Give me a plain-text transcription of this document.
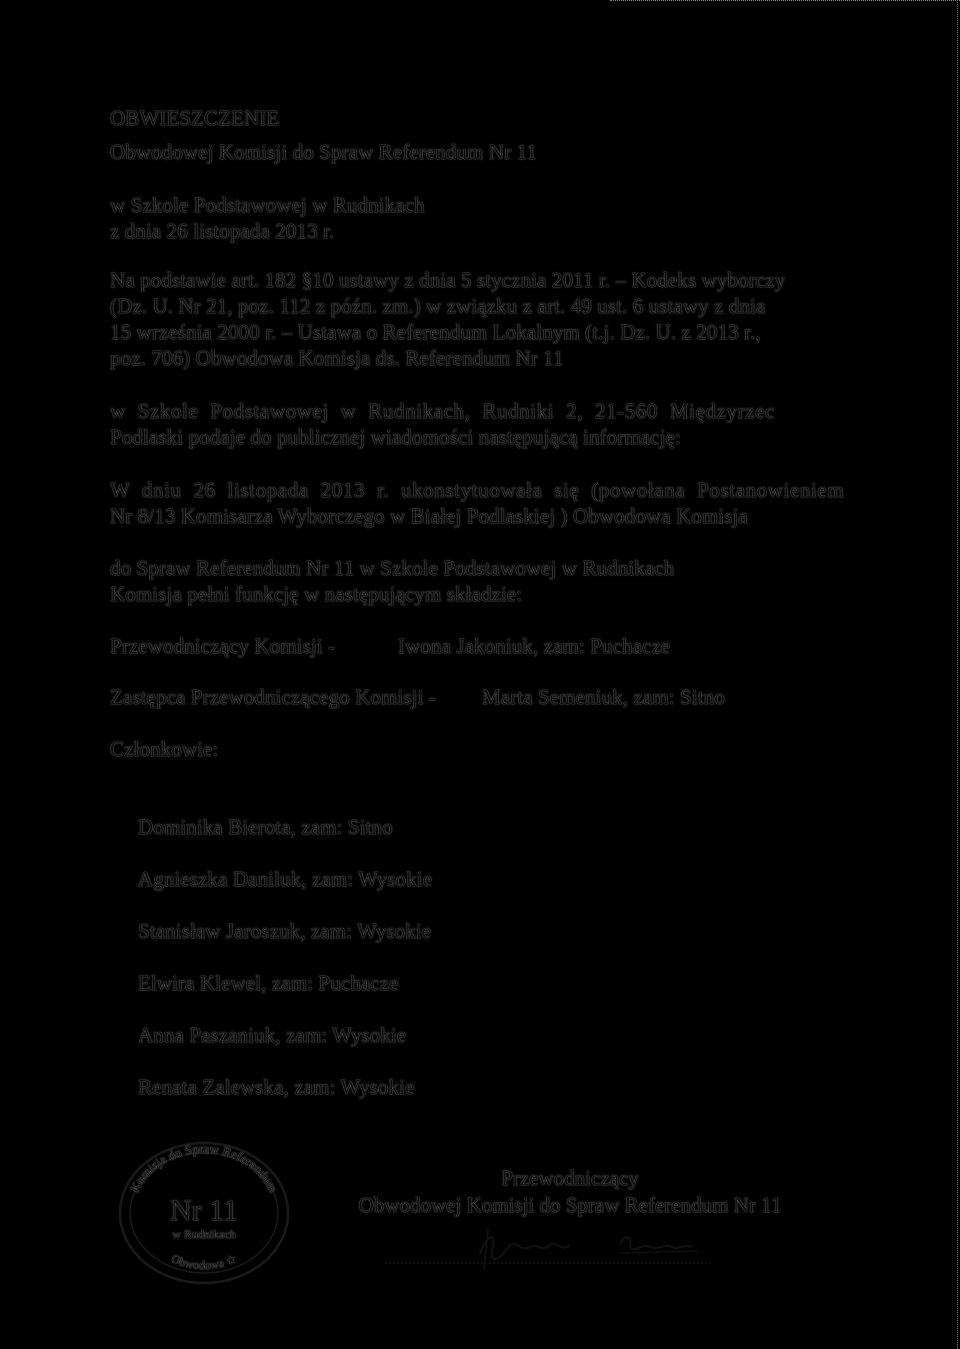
OBWIESZCZENIE
Obwodowej Komisji do Spraw Referendum Nr 11
w Szkole Podstawowej w Rudnikach
z dnia 26 listopada 2013 r.
Na podstawie art. 182 §10 ustawy z dnia 5 stycznia 2011 r. – Kodeks wyborczy
(Dz. U. Nr 21, poz. 112 z późn. zm.) w związku z art. 49 ust. 6 ustawy z dnia
15 września 2000 r. – Ustawa o Referendum Lokalnym (t.j. Dz. U. z 2013 r.,
poz. 706) Obwodowa Komisja ds. Referendum Nr 11
w Szkole Podstawowej w Rudnikach, Rudniki 2, 21-560 Międzyrzec
Podlaski podaje do publicznej wiadomości następującą informację:
W dniu 26 listopada 2013 r. ukonstytuowała się (powołana Postanowieniem
Nr 8/13 Komisarza Wyborczego w Białej Podlaskiej ) Obwodowa Komisja
do Spraw Referendum Nr 11 w Szkole Podstawowej w Rudnikach
Komisja pełni funkcję w następującym składzie:
Przewodniczący Komisji -	Iwona Jakoniuk, zam: Puchacze
Zastępca Przewodniczącego Komisji - Marta Semeniuk, zam: Sitno
Członkowie:
Dominika Bierota, zam: Sitno
Agnieszka Daniluk, zam: Wysokie
Stanisław Jaroszuk, zam: Wysokie
Elwira Klewel, zam: Puchacze
Anna Paszaniuk, zam: Wysokie
Renata Zalewska, zam: Wysokie
Komisja do Spraw Referendum
Obwodowa ★
Nr 11
w Rudnikach
Przewodniczący
Obwodowej Komisji do Spraw Referendum Nr 11
